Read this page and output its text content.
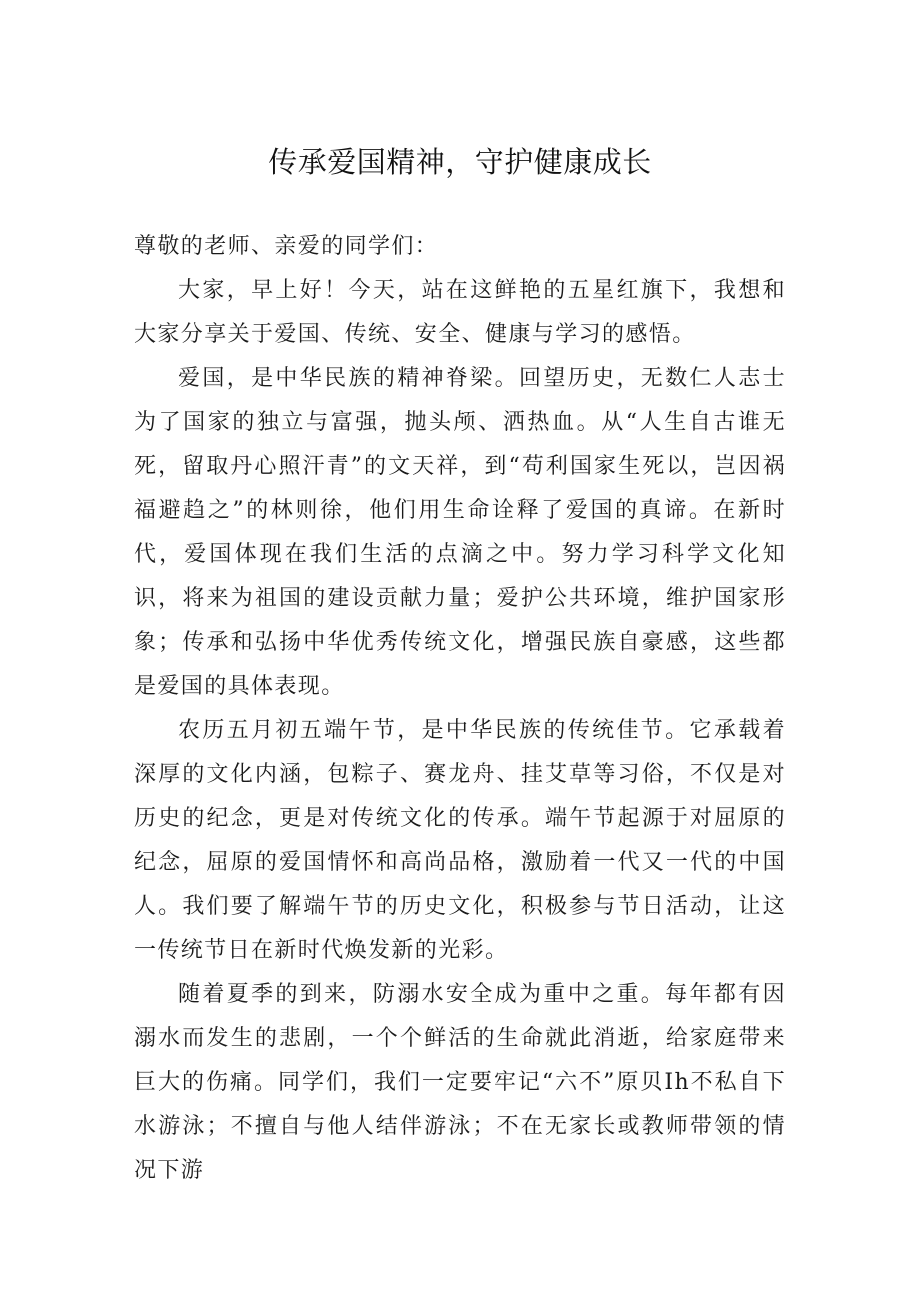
传承爱国精神，守护健康成长

尊敬的老师、亲爱的同学们：

大家，早上好！今天，站在这鲜艳的五星红旗下，我想和大家分享关于爱国、传统、安全、健康与学习的感悟。

爱国，是中华民族的精神脊梁。回望历史，无数仁人志士为了国家的独立与富强，抛头颅、洒热血。从“人生自古谁无死，留取丹心照汗青”的文天祥，到“苟利国家生死以，岂因祸福避趋之”的林则徐，他们用生命诠释了爱国的真谛。在新时代，爱国体现在我们生活的点滴之中。努力学习科学文化知识，将来为祖国的建设贡献力量；爱护公共环境，维护国家形象；传承和弘扬中华优秀传统文化，增强民族自豪感，这些都是爱国的具体表现。

农历五月初五端午节，是中华民族的传统佳节。它承载着深厚的文化内涵，包粽子、赛龙舟、挂艾草等习俗，不仅是对历史的纪念，更是对传统文化的传承。端午节起源于对屈原的纪念，屈原的爱国情怀和高尚品格，激励着一代又一代的中国人。我们要了解端午节的历史文化，积极参与节日活动，让这一传统节日在新时代焕发新的光彩。

随着夏季的到来，防溺水安全成为重中之重。每年都有因溺水而发生的悲剧，一个个鲜活的生命就此消逝，给家庭带来巨大的伤痛。同学们，我们一定要牢记“六不”原贝Ih不私自下水游泳；不擅自与他人结伴游泳；不在无家长或教师带领的情况下游
